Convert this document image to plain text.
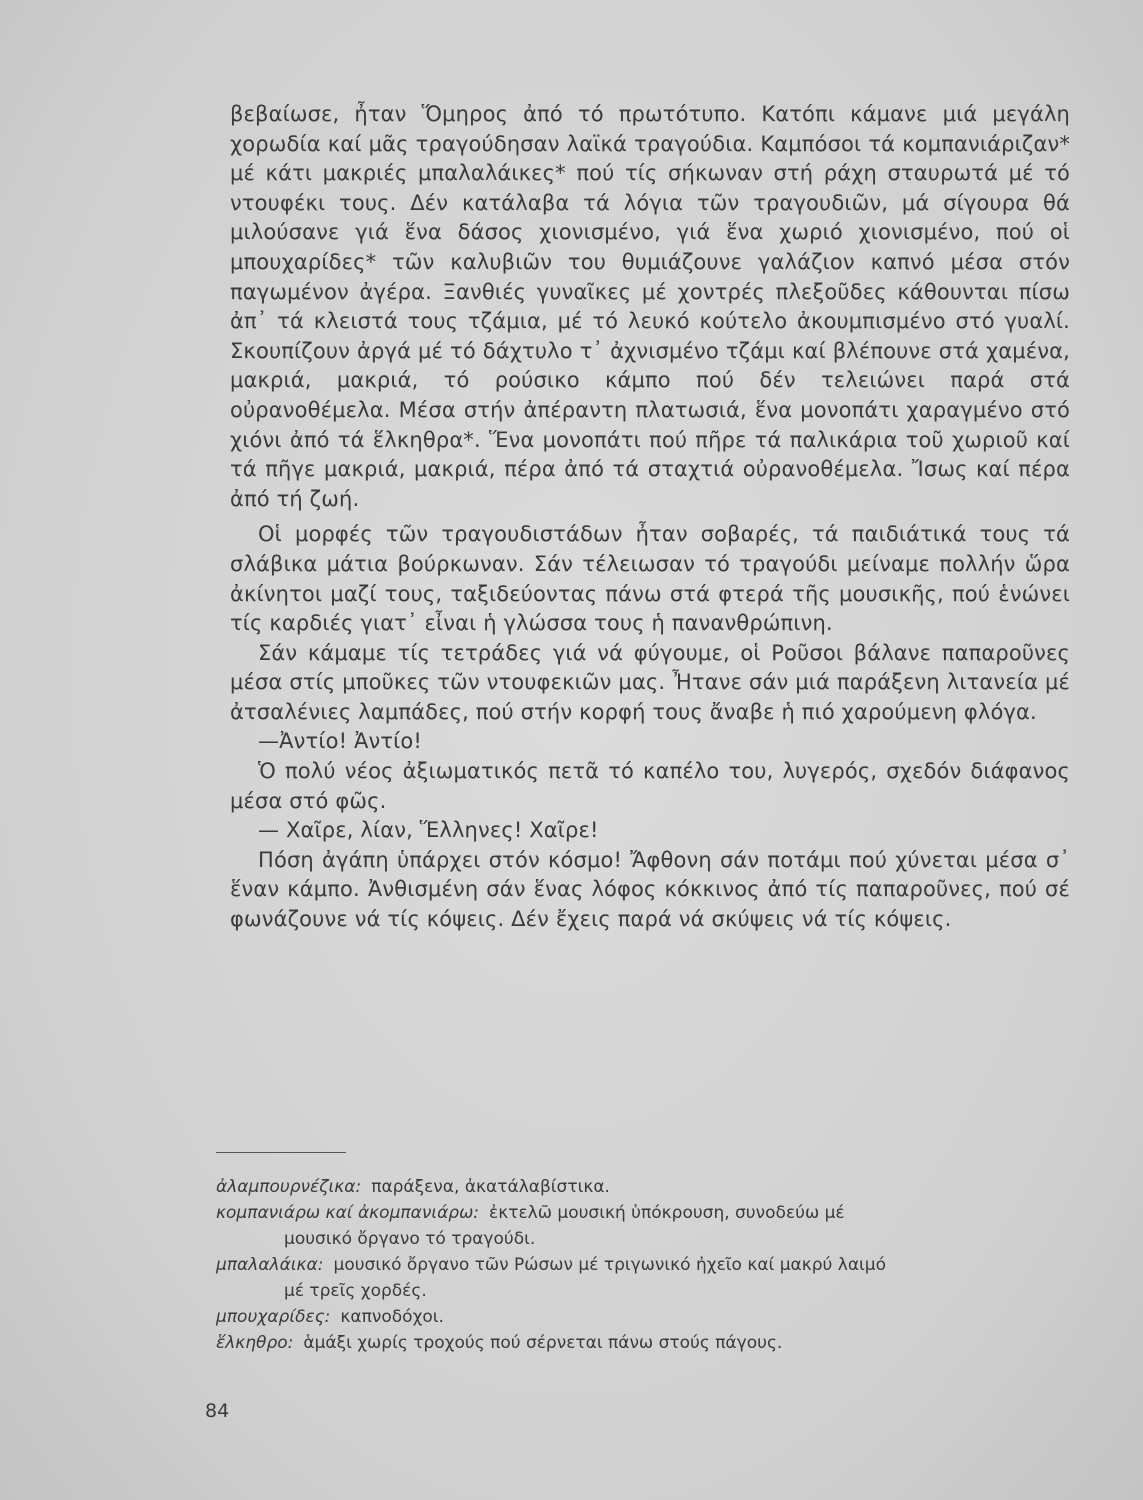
βεβαίωσε, ἦταν Ὅμηρος ἀπό τό πρωτότυπο. Κατόπι κάμανε μιά μεγάλη χορωδία καί μᾶς τραγούδησαν λαϊκά τραγούδια. Καμπόσοι τά κομπανιάριζαν* μέ κάτι μακριές μπαλαλάικες* πού τίς σήκωναν στή ράχη σταυρωτά μέ τό ντουφέκι τους. Δέν κατάλαβα τά λόγια τῶν τραγουδιῶν, μά σίγουρα θά μιλούσανε γιά ἕνα δάσος χιονισμένο, γιά ἕνα χωριό χιονισμένο, πού οἱ μπουχαρίδες* τῶν καλυβιῶν του θυμιάζουνε γαλάζιον καπνό μέσα στόν παγωμένον ἀγέρα. Ξανθιές γυναῖκες μέ χοντρές πλεξοῦδες κάθουνται πίσω ἀπ᾽ τά κλειστά τους τζάμια, μέ τό λευκό κούτελο ἀκουμπισμένο στό γυαλί. Σκουπίζουν ἀργά μέ τό δάχτυλο τ᾽ ἀχνισμένο τζάμι καί βλέπουνε στά χαμένα, μακριά, μακριά, τό ρούσικο κάμπο πού δέν τελειώνει παρά στά οὐρανοθέμελα. Μέσα στήν ἀπέραντη πλατωσιά, ἕνα μονοπάτι χαραγμένο στό χιόνι ἀπό τά ἕλκηθρα*. Ἕνα μονοπάτι πού πῆρε τά παλικάρια τοῦ χωριοῦ καί τά πῆγε μακριά, μακριά, πέρα ἀπό τά σταχτιά οὐρανοθέμελα. Ἴσως καί πέρα ἀπό τή ζωή.

Οἱ μορφές τῶν τραγουδιστάδων ἦταν σοβαρές, τά παιδιάτικά τους τά σλάβικα μάτια βούρκωναν. Σάν τέλειωσαν τό τραγούδι μείναμε πολλήν ὥρα ἀκίνητοι μαζί τους, ταξιδεύοντας πάνω στά φτερά τῆς μουσικῆς, πού ἑνώνει τίς καρδιές γιατ᾽ εἶναι ἡ γλώσσα τους ἡ πανανθρώπινη.

Σάν κάμαμε τίς τετράδες γιά νά φύγουμε, οἱ Ροῦσοι βάλανε παπαροῦνες μέσα στίς μποῦκες τῶν ντουφεκιῶν μας. Ἦτανε σάν μιά παράξενη λιτανεία μέ ἀτσαλένιες λαμπάδες, πού στήν κορφή τους ἄναβε ἡ πιό χαρούμενη φλόγα.

—Ἀντίο! Ἀντίο!

Ὁ πολύ νέος ἀξιωματικός πετᾶ τό καπέλο του, λυγερός, σχεδόν διάφανος μέσα στό φῶς.

— Χαῖρε, λίαν, Ἕλληνες! Χαῖρε!

Πόση ἀγάπη ὑπάρχει στόν κόσμο! Ἄφθονη σάν ποτάμι πού χύνεται μέσα σ᾽ ἕναν κάμπο. Ἀνθισμένη σάν ἕνας λόφος κόκκινος ἀπό τίς παπαροῦνες, πού σέ φωνάζουνε νά τίς κόψεις. Δέν ἔχεις παρά νά σκύψεις νά τίς κόψεις.

ἀλαμπουρνέζικα: παράξενα, ἀκατάλαβίστικα.

κομπανιάρω καί ἀκομπανιάρω: ἐκτελῶ μουσική ὑπόκρουση, συνοδεύω μέ
μουσικό ὄργανο τό τραγούδι.

μπαλαλάικα: μουσικό ὄργανο τῶν Ρώσων μέ τριγωνικό ἠχεῖο καί μακρύ λαιμό
μέ τρεῖς χορδές.

μπουχαρίδες: καπνοδόχοι.

ἕλκηθρο: ἁμάξι χωρίς τροχούς πού σέρνεται πάνω στούς πάγους.

84
